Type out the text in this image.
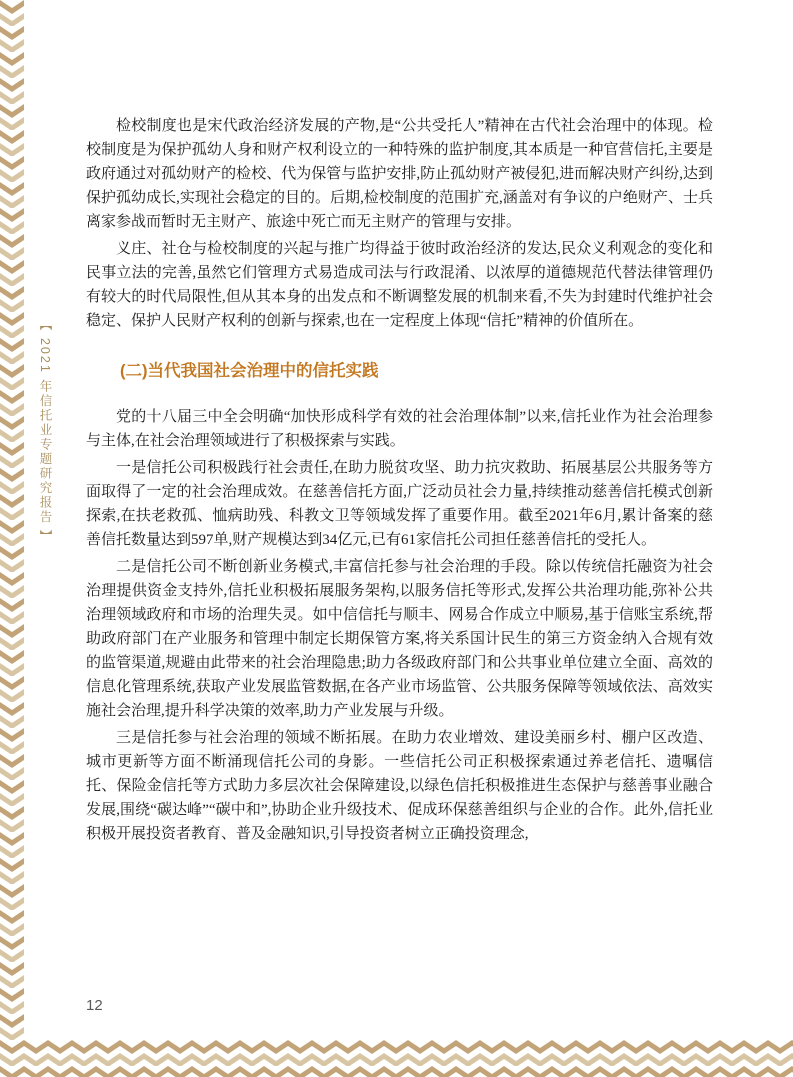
【 2021 年信托业专题研究报告 】

检校制度也是宋代政治经济发展的产物,是“公共受托人”精神在古代社会治理中的体现。检校制度是为保护孤幼人身和财产权利设立的一种特殊的监护制度,其本质是一种官营信托,主要是政府通过对孤幼财产的检校、代为保管与监护安排,防止孤幼财产被侵犯,进而解决财产纠纷,达到保护孤幼成长,实现社会稳定的目的。后期,检校制度的范围扩充,涵盖对有争议的户绝财产、士兵离家参战而暂时无主财产、旅途中死亡而无主财产的管理与安排。

义庄、社仓与检校制度的兴起与推广均得益于彼时政治经济的发达,民众义利观念的变化和民事立法的完善,虽然它们管理方式易造成司法与行政混淆、以浓厚的道德规范代替法律管理仍有较大的时代局限性,但从其本身的出发点和不断调整发展的机制来看,不失为封建时代维护社会稳定、保护人民财产权利的创新与探索,也在一定程度上体现“信托”精神的价值所在。

(二)当代我国社会治理中的信托实践

党的十八届三中全会明确“加快形成科学有效的社会治理体制”以来,信托业作为社会治理参与主体,在社会治理领域进行了积极探索与实践。

一是信托公司积极践行社会责任,在助力脱贫攻坚、助力抗灾救助、拓展基层公共服务等方面取得了一定的社会治理成效。在慈善信托方面,广泛动员社会力量,持续推动慈善信托模式创新探索,在扶老救孤、恤病助残、科教文卫等领域发挥了重要作用。截至2021年6月,累计备案的慈善信托数量达到597单,财产规模达到34亿元,已有61家信托公司担任慈善信托的受托人。

二是信托公司不断创新业务模式,丰富信托参与社会治理的手段。除以传统信托融资为社会治理提供资金支持外,信托业积极拓展服务架构,以服务信托等形式,发挥公共治理功能,弥补公共治理领域政府和市场的治理失灵。如中信信托与顺丰、网易合作成立中顺易,基于信账宝系统,帮助政府部门在产业服务和管理中制定长期保管方案,将关系国计民生的第三方资金纳入合规有效的监管渠道,规避由此带来的社会治理隐患;助力各级政府部门和公共事业单位建立全面、高效的信息化管理系统,获取产业发展监管数据,在各产业市场监管、公共服务保障等领域依法、高效实施社会治理,提升科学决策的效率,助力产业发展与升级。

三是信托参与社会治理的领域不断拓展。在助力农业增效、建设美丽乡村、棚户区改造、城市更新等方面不断涌现信托公司的身影。一些信托公司正积极探索通过养老信托、遗嘱信托、保险金信托等方式助力多层次社会保障建设,以绿色信托积极推进生态保护与慈善事业融合发展,围绕“碳达峰”“碳中和”,协助企业升级技术、促成环保慈善组织与企业的合作。此外,信托业积极开展投资者教育、普及金融知识,引导投资者树立正确投资理念,

12
